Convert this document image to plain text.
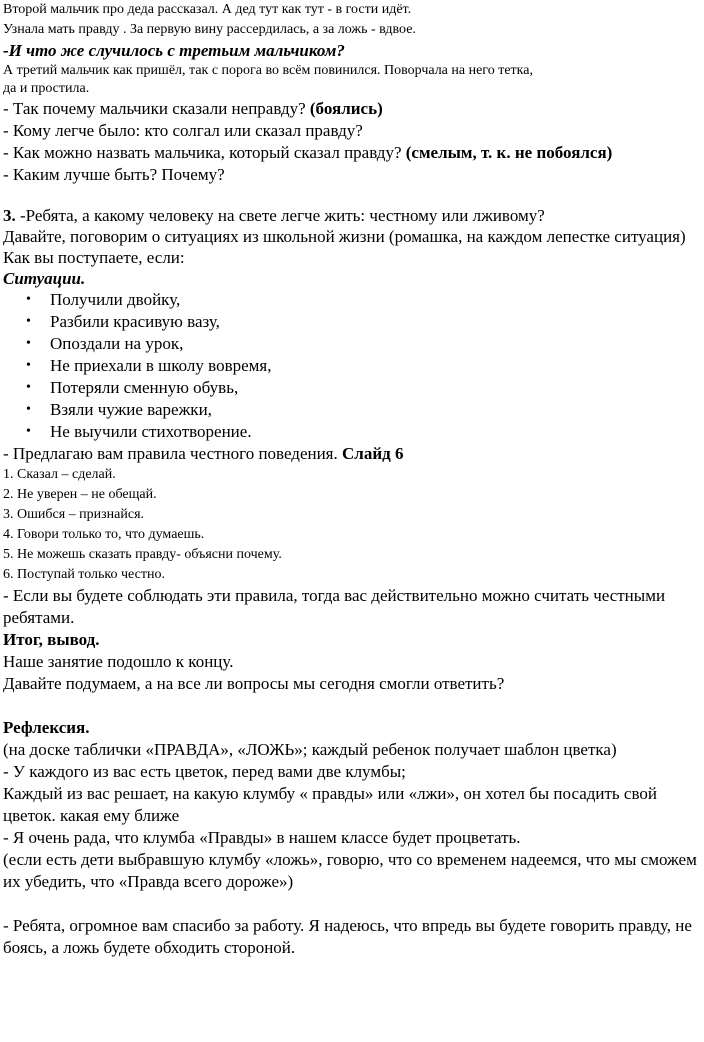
Второй мальчик про деда рассказал. А дед тут как тут - в гости идёт.

Узнала мать правду . За первую вину рассердилась, а за ложь - вдвое.

-И что же случилось с третьим мальчиком?

А третий мальчик как пришёл, так с порога во всём повинился. Поворчала на него тетка,

да и простила.

- Так почему мальчики сказали неправду? (боялись)

- Кому легче было: кто солгал или сказал правду?

- Как можно назвать мальчика, который сказал правду? (смелым, т. к. не побоялся)

- Каким лучше быть? Почему?

3. -Ребята, а какому человеку на свете легче жить: честному или лживому?

Давайте, поговорим о ситуациях из школьной жизни (ромашка, на каждом лепестке ситуация)

Как вы поступаете, если:

Ситуации.

• Получили двойку,
• Разбили красивую вазу,
• Опоздали на урок,
• Не приехали в школу вовремя,
• Потеряли сменную обувь,
• Взяли чужие варежки,
• Не выучили стихотворение.

- Предлагаю вам правила честного поведения. Слайд 6

1. Сказал – сделай.

2. Не уверен – не обещай.

3. Ошибся – признайся.

4. Говори только то, что думаешь.

5. Не можешь сказать правду- объясни почему.

6. Поступай только честно.

- Если вы будете соблюдать эти правила, тогда вас действительно можно считать честными ребятами.

Итог, вывод.

Наше занятие подошло к концу.

Давайте подумаем, а на все ли вопросы мы сегодня смогли ответить?

Рефлексия.

(на доске таблички «ПРАВДА», «ЛОЖЬ»; каждый ребенок получает шаблон цветка)

- У каждого из вас есть цветок, перед вами две клумбы;

Каждый из вас решает, на какую клумбу « правды» или «лжи», он хотел бы посадить свой цветок. какая ему ближе

- Я очень рада, что клумба «Правды» в нашем классе будет процветать.

(если есть дети выбравшую клумбу «ложь», говорю, что со временем надеемся, что мы сможем их убедить, что «Правда всего дороже»)

- Ребята, огромное вам спасибо за работу. Я надеюсь, что впредь вы будете говорить правду, не боясь, а ложь будете обходить стороной.
